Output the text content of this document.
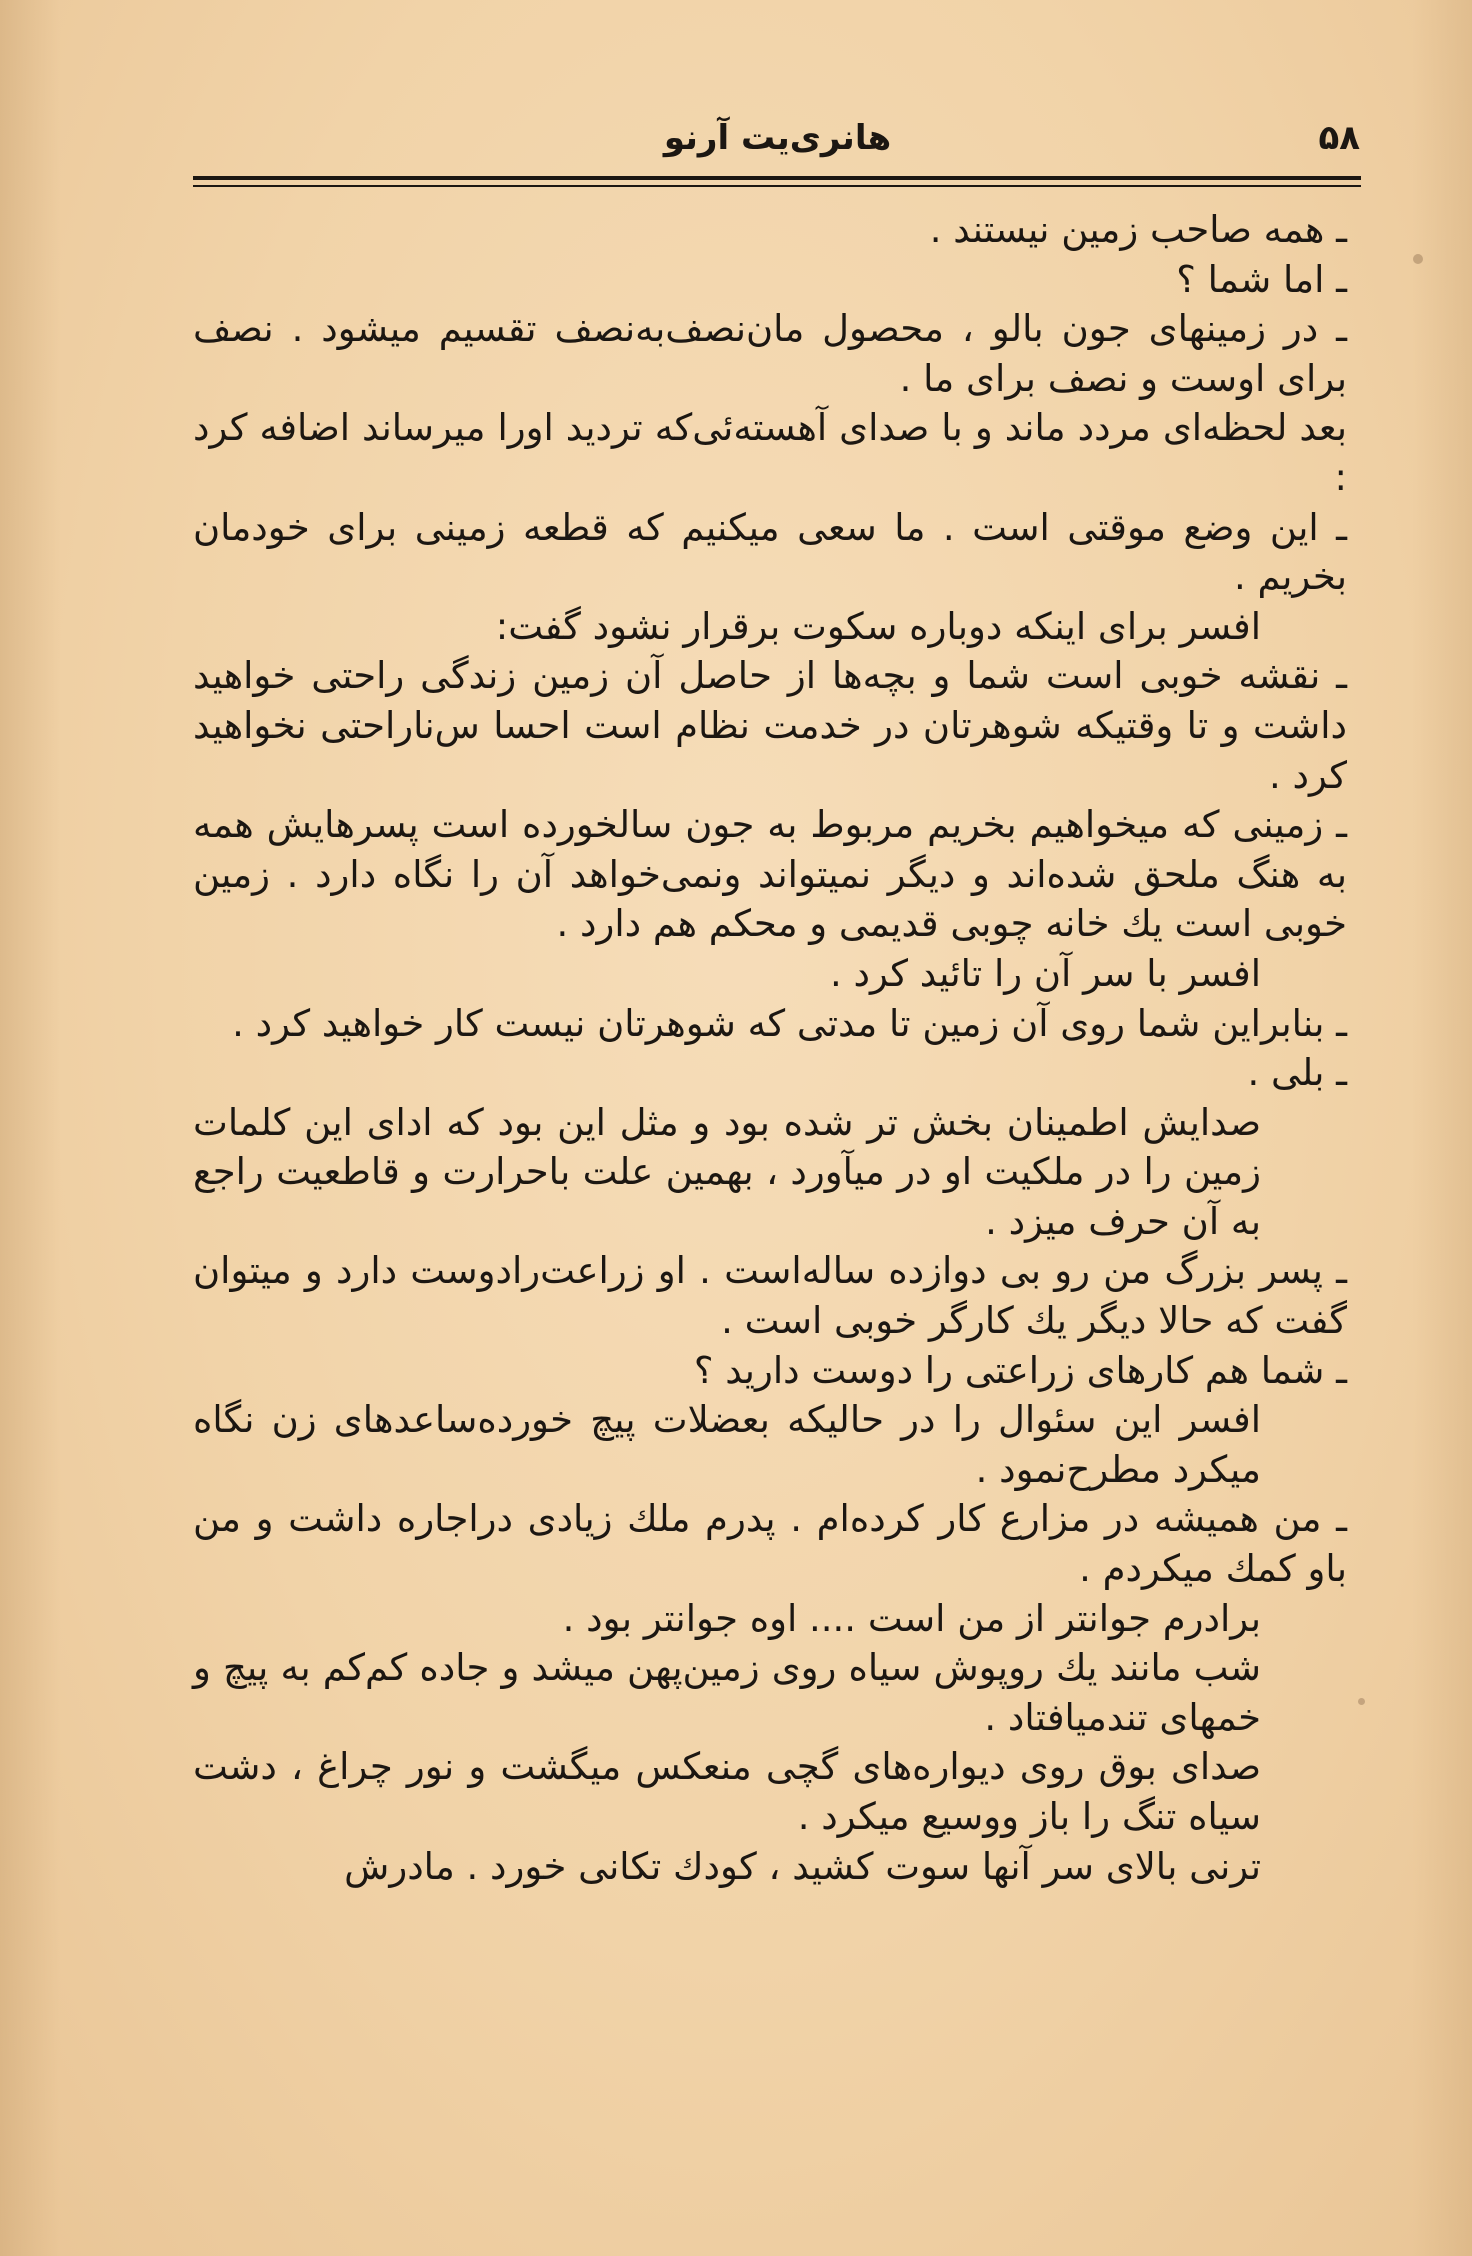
۵۸
هانری‌یت آرنو

ـ همه صاحب زمین نیستند .

ـ اما شما ؟

ـ در زمینهای جون بالو ، محصول مان‌نصف‌به‌نصف تقسیم میشود . نصف برای اوست و نصف برای ما .

بعد لحظه‌ای مردد ماند و با صدای آهسته‌ئی‌که تردید اورا میرساند اضافه کرد :

ـ این وضع موقتی است . ما سعی میکنیم که قطعه زمینی برای خودمان بخریم .

افسر برای اینکه دوباره سکوت برقرار نشود گفت:

ـ نقشه خوبی است شما و بچه‌ها از حاصل آن زمین زندگی راحتی خواهید داشت و تا وقتیکه شوهرتان در خدمت نظام است احسا س‌ناراحتی نخواهید کرد .

ـ زمینی که میخواهیم بخریم مربوط به جون سالخورده است پسرهایش همه به هنگ ملحق شده‌اند و دیگر نمیتواند ونمی‌خواهد آن را نگاه دارد . زمین خوبی است یك خانه چوبی قدیمی و محکم هم دارد .

افسر با سر آن را تائید کرد .

ـ بنابراین شما روی آن زمین تا مدتی که شوهرتان نیست کار خواهید کرد .

ـ بلی .

صدایش اطمینان بخش تر شده بود و مثل این بود که ادای این کلمات زمین را در ملکیت او در میآورد ، بهمین علت باحرارت و قاطعیت راجع به آن حرف میزد .

ـ پسر بزرگ من رو بی دوازده ساله‌است . او زراعت‌رادوست دارد و میتوان گفت که حالا دیگر یك کارگر خوبی است .

ـ شما هم کارهای زراعتی را دوست دارید ؟

افسر این سئوال را در حالیکه بعضلات پیچ خورده‌ساعدهای زن نگاه میکرد مطرح‌نمود .

ـ من همیشه در مزارع کار کرده‌ام . پدرم ملك زیادی دراجاره داشت و من باو کمك میکردم .

برادرم جوانتر از من است .... اوه جوانتر بود .

شب مانند يك روپوش سیاه روی زمین‌پهن میشد و جاده کم‌کم به پیچ و خمهای تندمیافتاد .

صدای بوق روی دیواره‌های گچی منعکس میگشت و نور چراغ ، دشت سیاه تنگ را باز ووسیع میکرد .

ترنی بالای سر آنها سوت کشید ، کودك تکانی خورد . مادرش
